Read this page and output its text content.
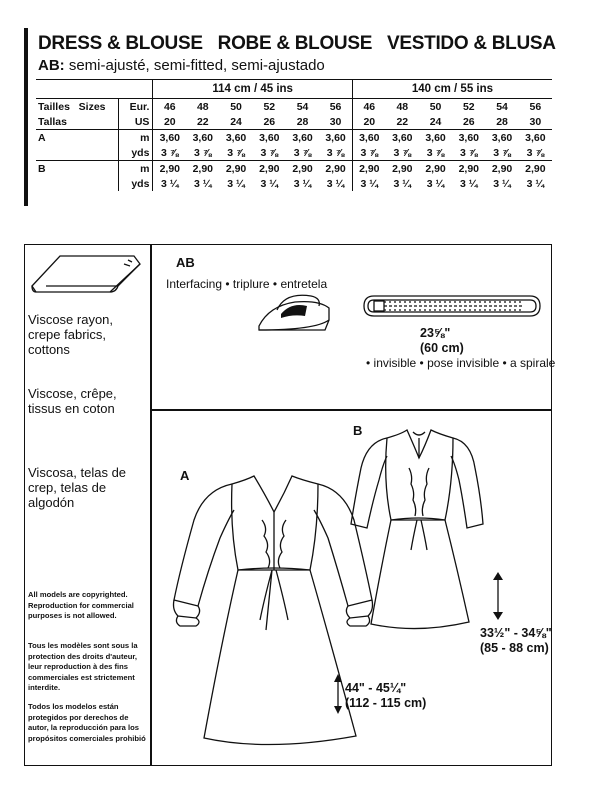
DRESS & BLOUSE   ROBE & BLOUSE   VESTIDO & BLUSA
AB: semi-ajusté, semi-fitted, semi-ajustado
		114 cm / 45 ins						140 cm / 55 ins					
Tailles   Sizes	Eur.	46	48	50	52	54	56	46	48	50	52	54	56
Tallas	US	20	22	24	26	28	30	20	22	24	26	28	30
A	m	3,60	3,60	3,60	3,60	3,60	3,60	3,60	3,60	3,60	3,60	3,60	3,60
	yds	3 ⅞	3 ⅞	3 ⅞	3 ⅞	3 ⅞	3 ⅞	3 ⅞	3 ⅞	3 ⅞	3 ⅞	3 ⅞	3 ⅞
B	m	2,90	2,90	2,90	2,90	2,90	2,90	2,90	2,90	2,90	2,90	2,90	2,90
	yds	3 ¼	3 ¼	3 ¼	3 ¼	3 ¼	3 ¼	3 ¼	3 ¼	3 ¼	3 ¼	3 ¼	3 ¼
Viscose rayon, crepe fabrics, cottons
Viscose, crêpe, tissus en coton
Viscosa, telas de crep, telas de algodón
All models are copyrighted. Reproduction for commercial purposes is not allowed.
Tous les modèles sont sous la protection des droits d'auteur, leur reproduction à des fins commerciales est strictement interdite.
Todos los modelos están protegidos por derechos de autor, la reproducción para los propósitos comerciales prohibió
AB
Interfacing • triplure • entretela
23⅝"
(60 cm)
• invisible • pose invisible • a spirale
A
B
33½" - 34⅝"
(85 - 88 cm)
44" - 45¼"
(112 - 115 cm)
